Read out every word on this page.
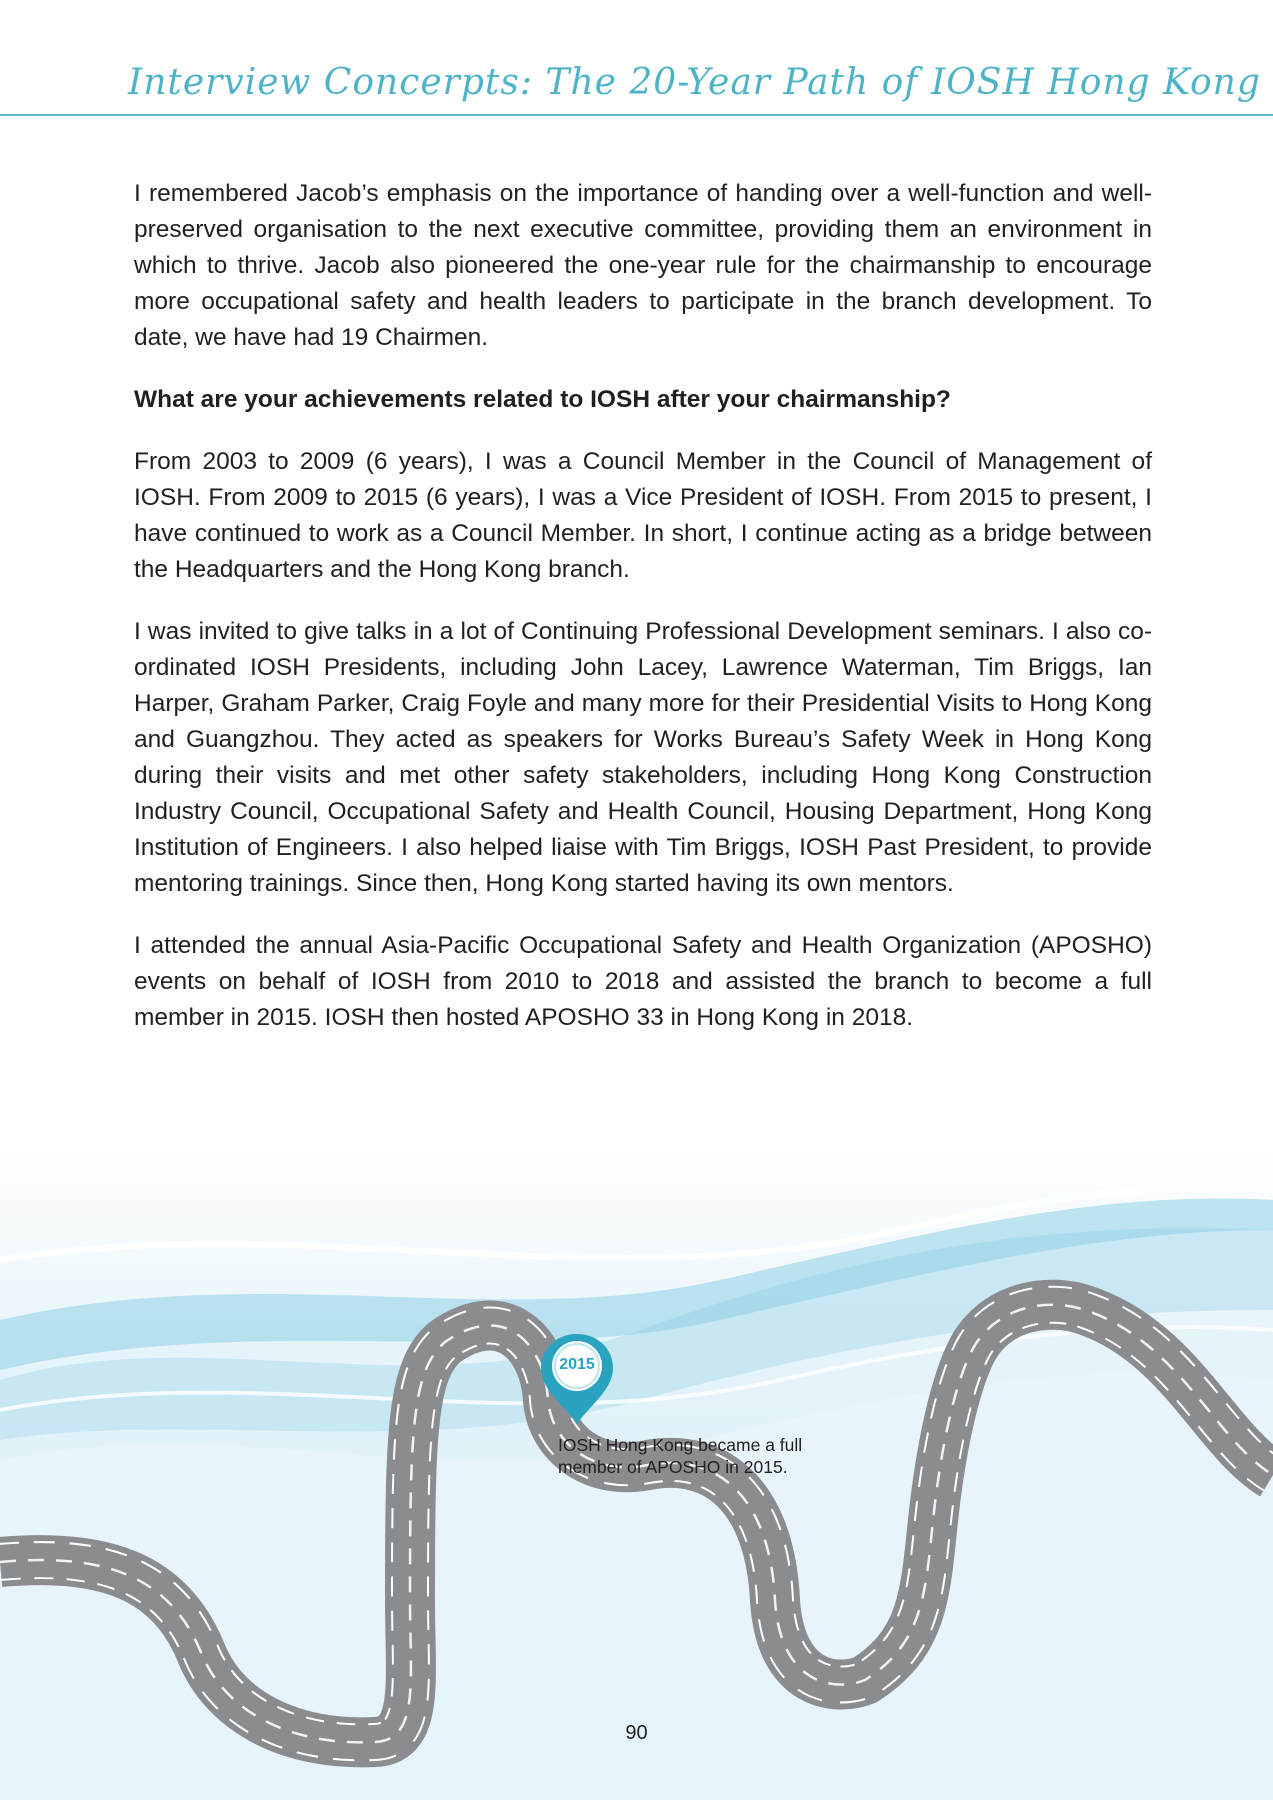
Interview Concerpts: The 20-Year Path of IOSH Hong Kong

I remembered Jacob’s emphasis on the importance of handing over a well-function and well-preserved organisation to the next executive committee, providing them an environment in which to thrive. Jacob also pioneered the one-year rule for the chairmanship to encourage more occupational safety and health leaders to participate in the branch development. To date, we have had 19 Chairmen.

What are your achievements related to IOSH after your chairmanship?

From 2003 to 2009 (6 years), I was a Council Member in the Council of Management of IOSH. From 2009 to 2015 (6 years), I was a Vice President of IOSH. From 2015 to present, I have continued to work as a Council Member. In short, I continue acting as a bridge between the Headquarters and the Hong Kong branch.

I was invited to give talks in a lot of Continuing Professional Development seminars. I also co-ordinated IOSH Presidents, including John Lacey, Lawrence Waterman, Tim Briggs, Ian Harper, Graham Parker, Craig Foyle and many more for their Presidential Visits to Hong Kong and Guangzhou. They acted as speakers for Works Bureau’s Safety Week in Hong Kong during their visits and met other safety stakeholders, including Hong Kong Construction Industry Council, Occupational Safety and Health Council, Housing Department, Hong Kong Institution of Engineers. I also helped liaise with Tim Briggs, IOSH Past President, to provide mentoring trainings. Since then, Hong Kong started having its own mentors.

I attended the annual Asia-Pacific Occupational Safety and Health Organization (APOSHO) events on behalf of IOSH from 2010 to 2018 and assisted the branch to become a full member in 2015. IOSH then hosted APOSHO 33 in Hong Kong in 2018.

2015
IOSH Hong Kong became a full
member of APOSHO in 2015.
90
